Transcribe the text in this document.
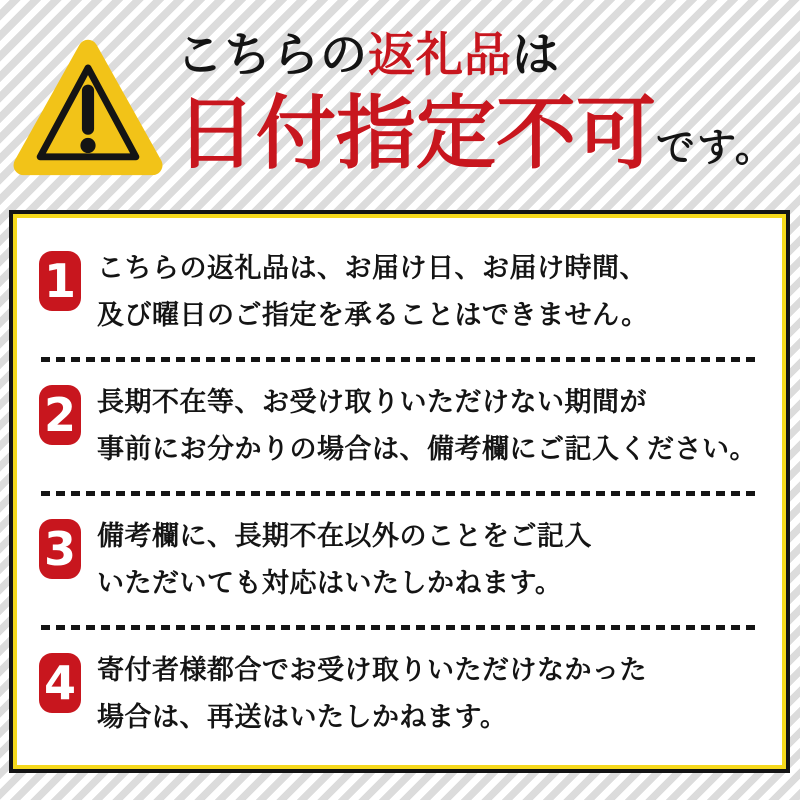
こちらの返礼品は
日付指定不可です。
1 こちらの返礼品は、お届け日、お届け時間、
及び曜日のご指定を承ることはできません。
2 長期不在等、お受け取りいただけない期間が
事前にお分かりの場合は、備考欄にご記入ください。
3 備考欄に、長期不在以外のことをご記入
いただいても対応はいたしかねます。
4 寄付者様都合でお受け取りいただけなかった
場合は、再送はいたしかねます。
